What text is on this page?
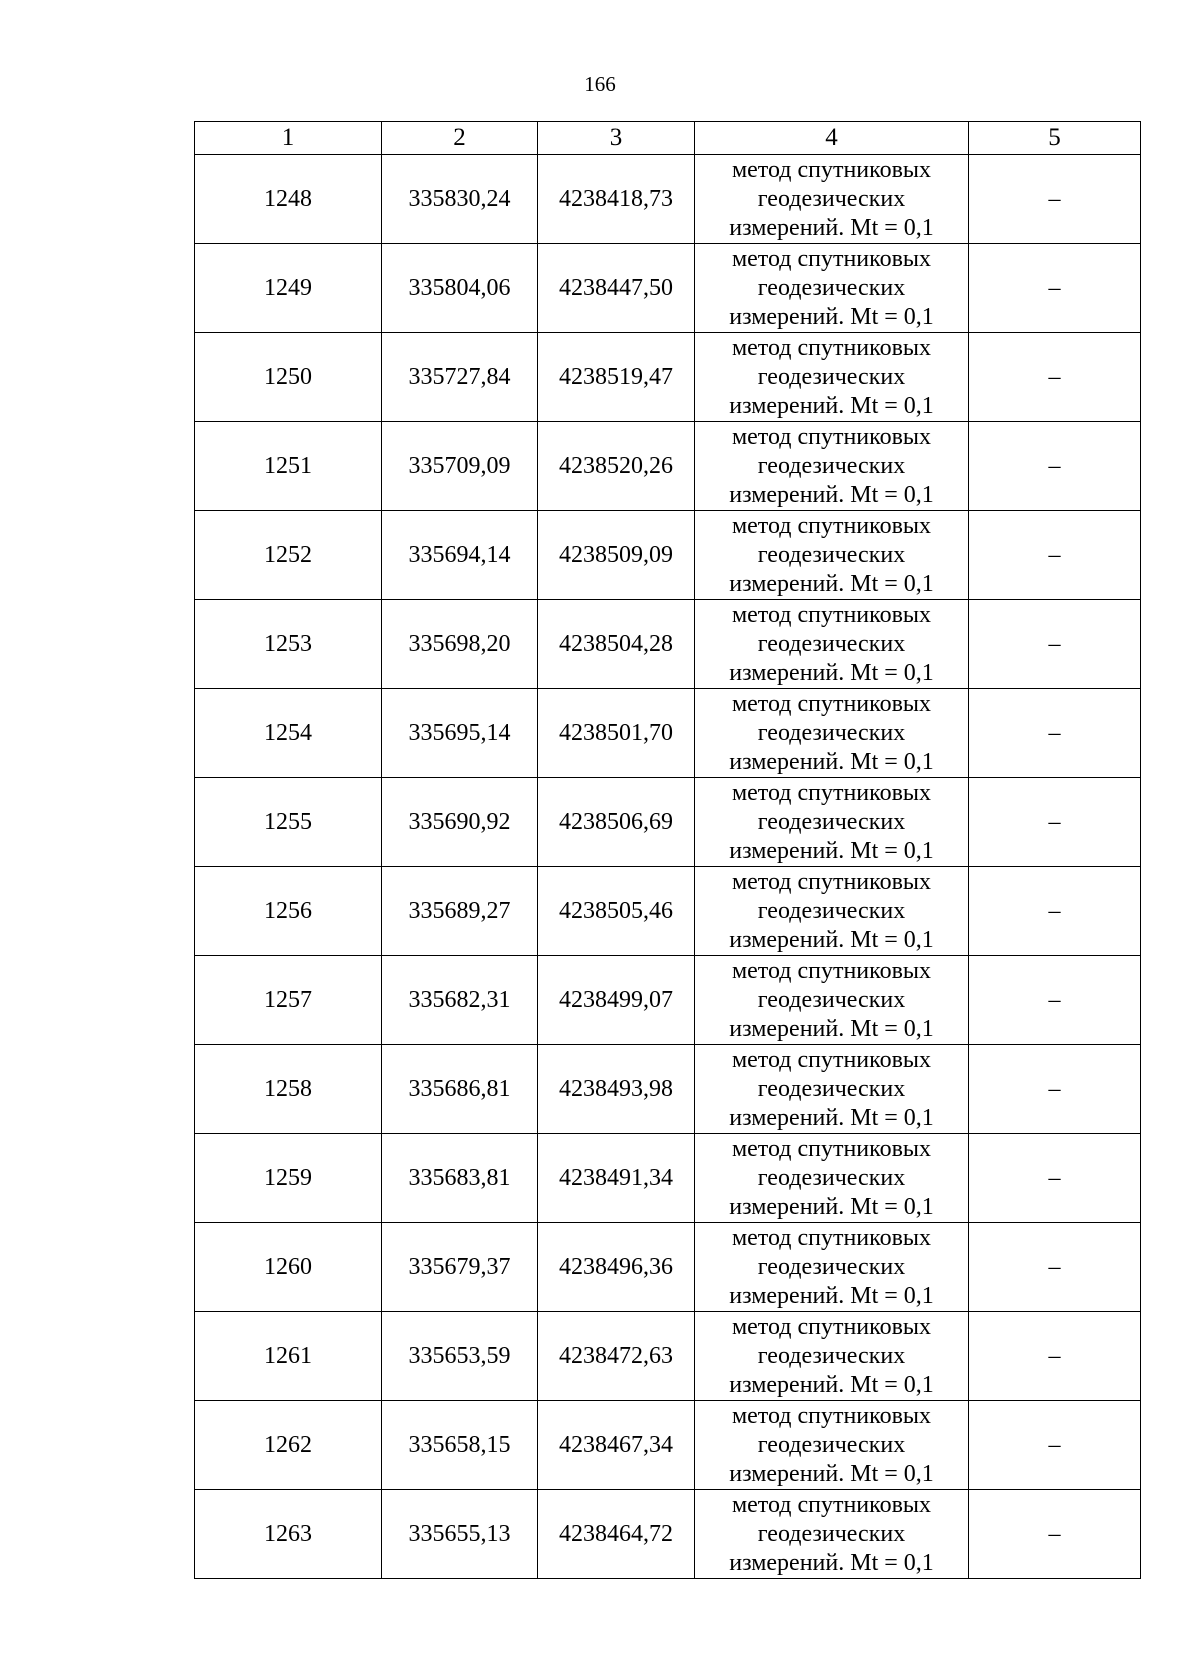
166
1	2	3	4	5
1248	335830,24	4238418,73	метод спутниковых
геодезических
измерений. Mt = 0,1	–
1249	335804,06	4238447,50	метод спутниковых
геодезических
измерений. Mt = 0,1	–
1250	335727,84	4238519,47	метод спутниковых
геодезических
измерений. Mt = 0,1	–
1251	335709,09	4238520,26	метод спутниковых
геодезических
измерений. Mt = 0,1	–
1252	335694,14	4238509,09	метод спутниковых
геодезических
измерений. Mt = 0,1	–
1253	335698,20	4238504,28	метод спутниковых
геодезических
измерений. Mt = 0,1	–
1254	335695,14	4238501,70	метод спутниковых
геодезических
измерений. Mt = 0,1	–
1255	335690,92	4238506,69	метод спутниковых
геодезических
измерений. Mt = 0,1	–
1256	335689,27	4238505,46	метод спутниковых
геодезических
измерений. Mt = 0,1	–
1257	335682,31	4238499,07	метод спутниковых
геодезических
измерений. Mt = 0,1	–
1258	335686,81	4238493,98	метод спутниковых
геодезических
измерений. Mt = 0,1	–
1259	335683,81	4238491,34	метод спутниковых
геодезических
измерений. Mt = 0,1	–
1260	335679,37	4238496,36	метод спутниковых
геодезических
измерений. Mt = 0,1	–
1261	335653,59	4238472,63	метод спутниковых
геодезических
измерений. Mt = 0,1	–
1262	335658,15	4238467,34	метод спутниковых
геодезических
измерений. Mt = 0,1	–
1263	335655,13	4238464,72	метод спутниковых
геодезических
измерений. Mt = 0,1	–
